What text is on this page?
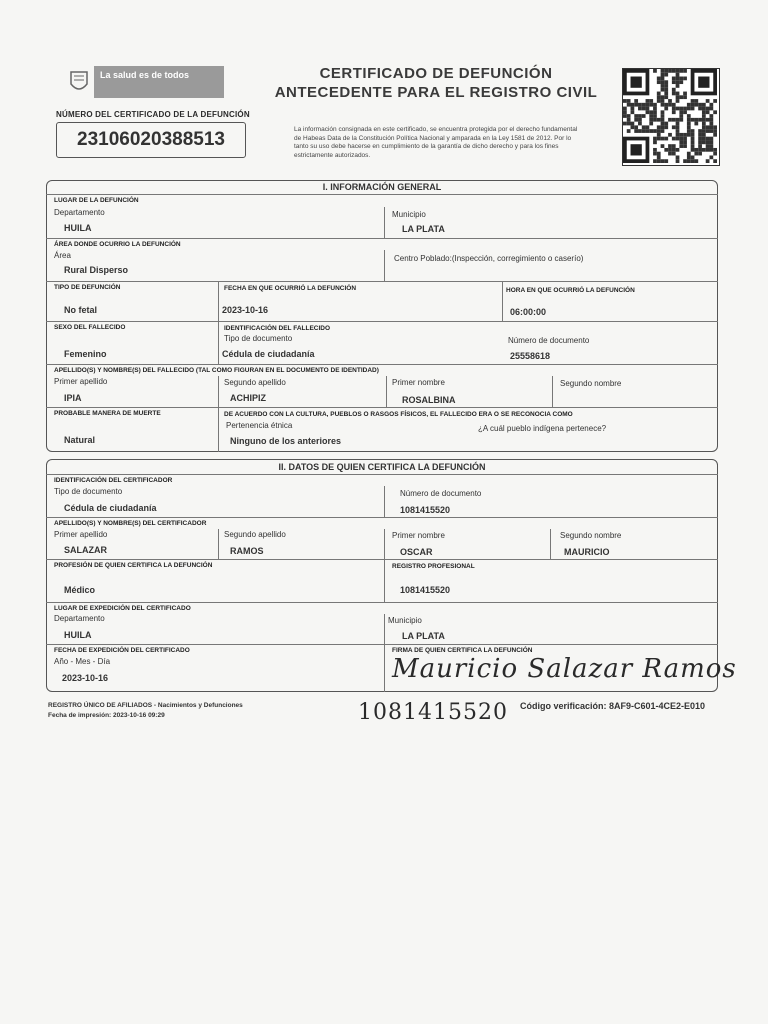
La salud es de todos	CERTIFICADO DE DEFUNCIÓN
ANTECEDENTE PARA EL REGISTRO CIVIL
NÚMERO DEL CERTIFICADO DE LA DEFUNCIÓN
23106020388513	La información consignada en este certificado, se encuentra protegida por el derecho fundamental de Habeas Data de la Constitución Política Nacional y amparada en la Ley 1581 de 2012. Por lo tanto su uso debe hacerse en cumplimiento de la garantía de dicho derecho y para los fines estrictamente autorizados.
I. INFORMACIÓN GENERAL
LUGAR DE LA DEFUNCIÓN
Departamento
HUILA
Municipio
LA PLATA
ÁREA DONDE OCURRIO LA DEFUNCIÓN
Área
Rural Disperso
Centro Poblado:(Inspección, corregimiento o caserío)
TIPO DE DEFUNCIÓN
No fetal
FECHA EN QUE OCURRIÓ LA DEFUNCIÓN
2023-10-16
HORA EN QUE OCURRIÓ LA DEFUNCIÓN
06:00:00
SEXO DEL FALLECIDO
Femenino
IDENTIFICACIÓN DEL FALLECIDO
Tipo de documento
Cédula de ciudadanía
Número de documento
25558618
APELLIDO(S) Y NOMBRE(S) DEL FALLECIDO (TAL COMO FIGURAN EN EL DOCUMENTO DE IDENTIDAD)
Primer apellido
IPIA
Segundo apellido
ACHIPIZ
Primer nombre
ROSALBINA
Segundo nombre
PROBABLE MANERA DE MUERTE
Natural
DE ACUERDO CON LA CULTURA, PUEBLOS O RASGOS FÍSICOS, EL FALLECIDO ERA O SE RECONOCIA COMO
Pertenencia étnica
Ninguno de los anteriores
¿A cuál pueblo indígena pertenece?
II. DATOS DE QUIEN CERTIFICA LA DEFUNCIÓN
IDENTIFICACIÓN DEL CERTIFICADOR
Tipo de documento
Cédula de ciudadanía
Número de documento
1081415520
APELLIDO(S) Y NOMBRE(S) DEL CERTIFICADOR
Primer apellido
SALAZAR
Segundo apellido
RAMOS
Primer nombre
OSCAR
Segundo nombre
MAURICIO
PROFESIÓN DE QUIEN CERTIFICA LA DEFUNCIÓN
Médico
REGISTRO PROFESIONAL
1081415520
LUGAR DE EXPEDICIÓN DEL CERTIFICADO
Departamento
HUILA
Municipio
LA PLATA
FECHA DE EXPEDICIÓN DEL CERTIFICADO
Año - Mes - Día
2023-10-16
FIRMA DE QUIEN CERTIFICA LA DEFUNCIÓN
Mauricio Salazar Ramos
REGISTRO ÚNICO DE AFILIADOS - Nacimientos y Defunciones
Fecha de impresión: 2023-10-16 09:29
Código verificación: 8AF9-C601-4CE2-E010
1081415520
